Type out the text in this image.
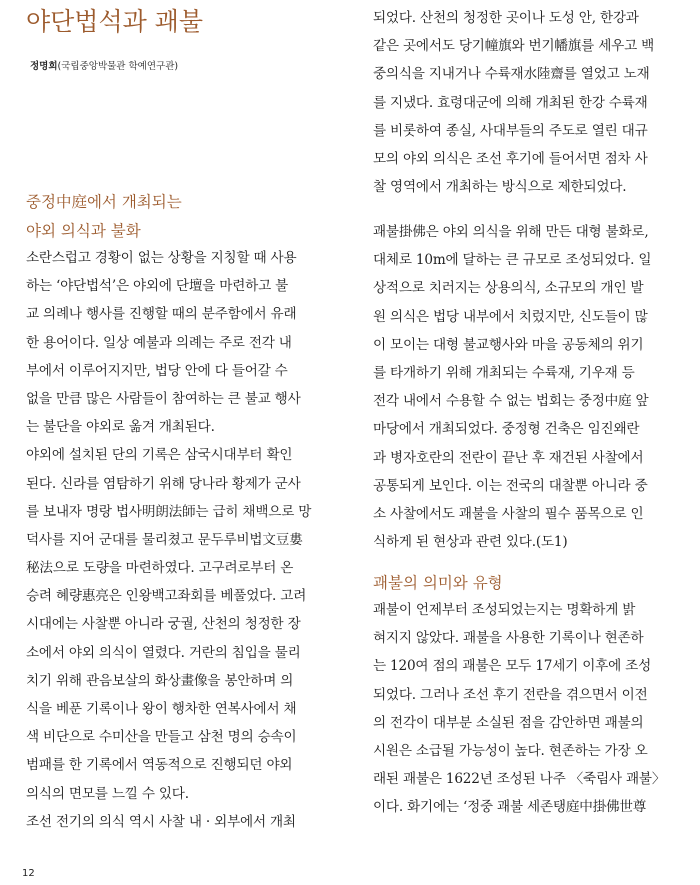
야단법석과 괘불
정명희(국립중앙박물관 학예연구관)
중정中庭에서 개최되는
야외 의식과 불화
소란스럽고 경황이 없는 상황을 지칭할 때 사용
하는 ‘야단법석’은 야외에 단壇을 마련하고 불
교 의례나 행사를 진행할 때의 분주함에서 유래
한 용어이다. 일상 예불과 의례는 주로 전각 내
부에서 이루어지지만, 법당 안에 다 들어갈 수
없을 만큼 많은 사람들이 참여하는 큰 불교 행사
는 불단을 야외로 옮겨 개최된다.
야외에 설치된 단의 기록은 삼국시대부터 확인
된다. 신라를 염탐하기 위해 당나라 황제가 군사
를 보내자 명랑 법사明朗法師는 급히 채백으로 망
덕사를 지어 군대를 물리쳤고 문두루비법文豆婁
秘法으로 도량을 마련하였다. 고구려로부터 온
승려 혜량惠亮은 인왕백고좌회를 베풀었다. 고려
시대에는 사찰뿐 아니라 궁궐, 산천의 청정한 장
소에서 야외 의식이 열렸다. 거란의 침입을 물리
치기 위해 관음보살의 화상畫像을 봉안하며 의
식을 베푼 기록이나 왕이 행차한 연복사에서 채
색 비단으로 수미산을 만들고 삼천 명의 승속이
범패를 한 기록에서 역동적으로 진행되던 야외
의식의 면모를 느낄 수 있다.
조선 전기의 의식 역시 사찰 내 · 외부에서 개최
되었다. 산천의 청정한 곳이나 도성 안, 한강과
같은 곳에서도 당기幢旗와 번기幡旗를 세우고 백
중의식을 지내거나 수륙재水陸齋를 열었고 노재
를 지냈다. 효령대군에 의해 개최된 한강 수륙재
를 비롯하여 종실, 사대부들의 주도로 열린 대규
모의 야외 의식은 조선 후기에 들어서면 점차 사
찰 영역에서 개최하는 방식으로 제한되었다.
괘불掛佛은 야외 의식을 위해 만든 대형 불화로,
대체로 10m에 달하는 큰 규모로 조성되었다. 일
상적으로 치러지는 상용의식, 소규모의 개인 발
원 의식은 법당 내부에서 치렀지만, 신도들이 많
이 모이는 대형 불교행사와 마을 공동체의 위기
를 타개하기 위해 개최되는 수륙재, 기우재 등
전각 내에서 수용할 수 없는 법회는 중정中庭 앞
마당에서 개최되었다. 중정형 건축은 임진왜란
과 병자호란의 전란이 끝난 후 재건된 사찰에서
공통되게 보인다. 이는 전국의 대찰뿐 아니라 중
소 사찰에서도 괘불을 사찰의 필수 품목으로 인
식하게 된 현상과 관련 있다.(도1)
괘불의 의미와 유형
괘불이 언제부터 조성되었는지는 명확하게 밝
혀지지 않았다. 괘불을 사용한 기록이나 현존하
는 120여 점의 괘불은 모두 17세기 이후에 조성
되었다. 그러나 조선 후기 전란을 겪으면서 이전
의 전각이 대부분 소실된 점을 감안하면 괘불의
시원은 소급될 가능성이 높다. 현존하는 가장 오
래된 괘불은 1622년 조성된 나주 〈죽림사 괘불〉
이다. 화기에는 ‘정중 괘불 세존탱庭中掛佛世尊
12
